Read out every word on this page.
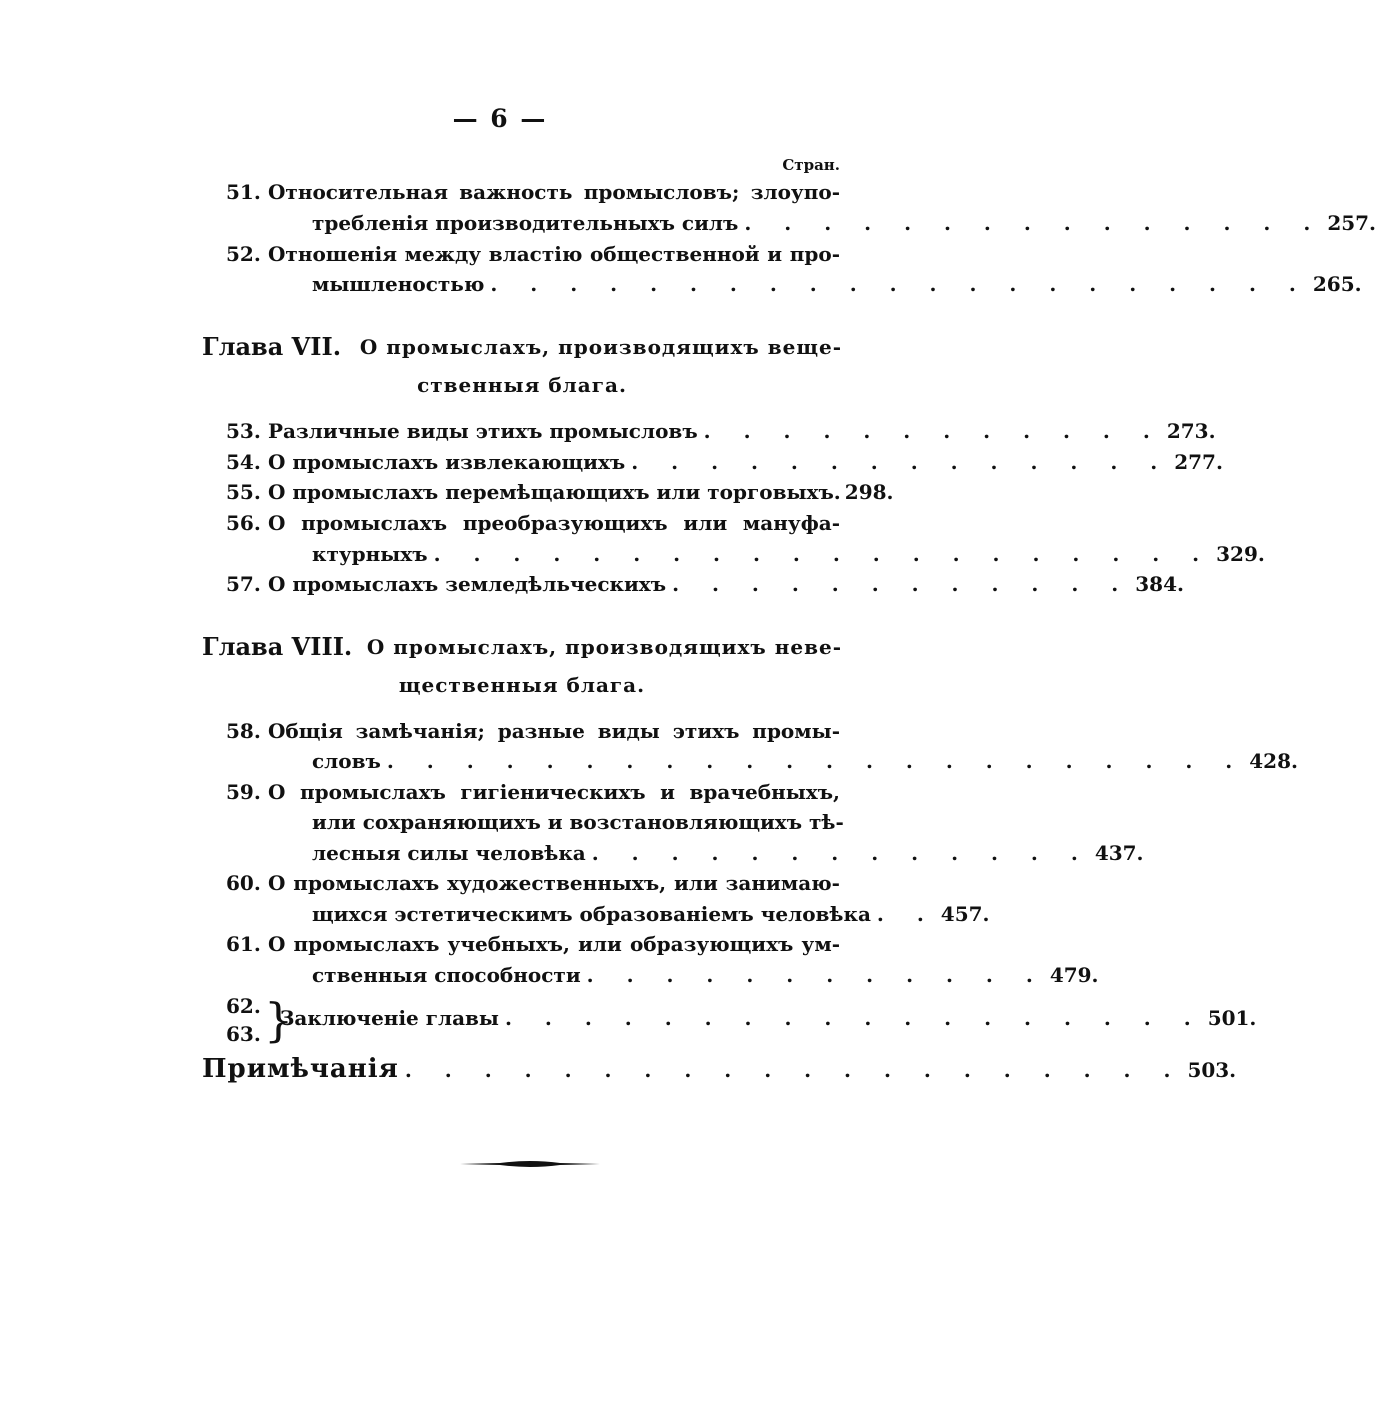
— 6 —
Стран.
51. Относительная важность промысловъ; злоупо-
требленія производительныхъ силъ . . . . . . . . . . . . . . . 257.
52. Отношенія между властію общественной и про-
мышленостью . . . . . . . . . . . . . . . . . . . . . 265.
Глава VII. О промыслахъ, производящихъ веще-
ственныя блага.
53. Различные виды этихъ промысловъ . . . . . . . . . . . . 273.
54. О промыслахъ извлекающихъ . . . . . . . . . . . . . . 277.
55. О промыслахъ перемѣщающихъ или торговыхъ. 298.
56. О промыслахъ преобразующихъ или мануфа-
ктурныхъ . . . . . . . . . . . . . . . . . . . . 329.
57. О промыслахъ земледѣльческихъ . . . . . . . . . . . . 384.
Глава VIII. О промыслахъ, производящихъ неве-
щественныя блага.
58. Общія замѣчанія; разные виды этихъ промы-
словъ . . . . . . . . . . . . . . . . . . . . . . 428.
59. О промыслахъ гигіеническихъ и врачебныхъ,
или сохраняющихъ и возстановляющихъ тѣ-
лесныя силы человѣка . . . . . . . . . . . . . 437.
60. О промыслахъ художественныхъ, или занимаю-
щихся эстетическимъ образованіемъ человѣка . . 457.
61. О промыслахъ учебныхъ, или образующихъ ум-
ственныя способности . . . . . . . . . . . . 479.
62.
63. }
Заключеніе главы . . . . . . . . . . . . . . . . . . 501.
Примѣчанія . . . . . . . . . . . . . . . . . . . . 503.
